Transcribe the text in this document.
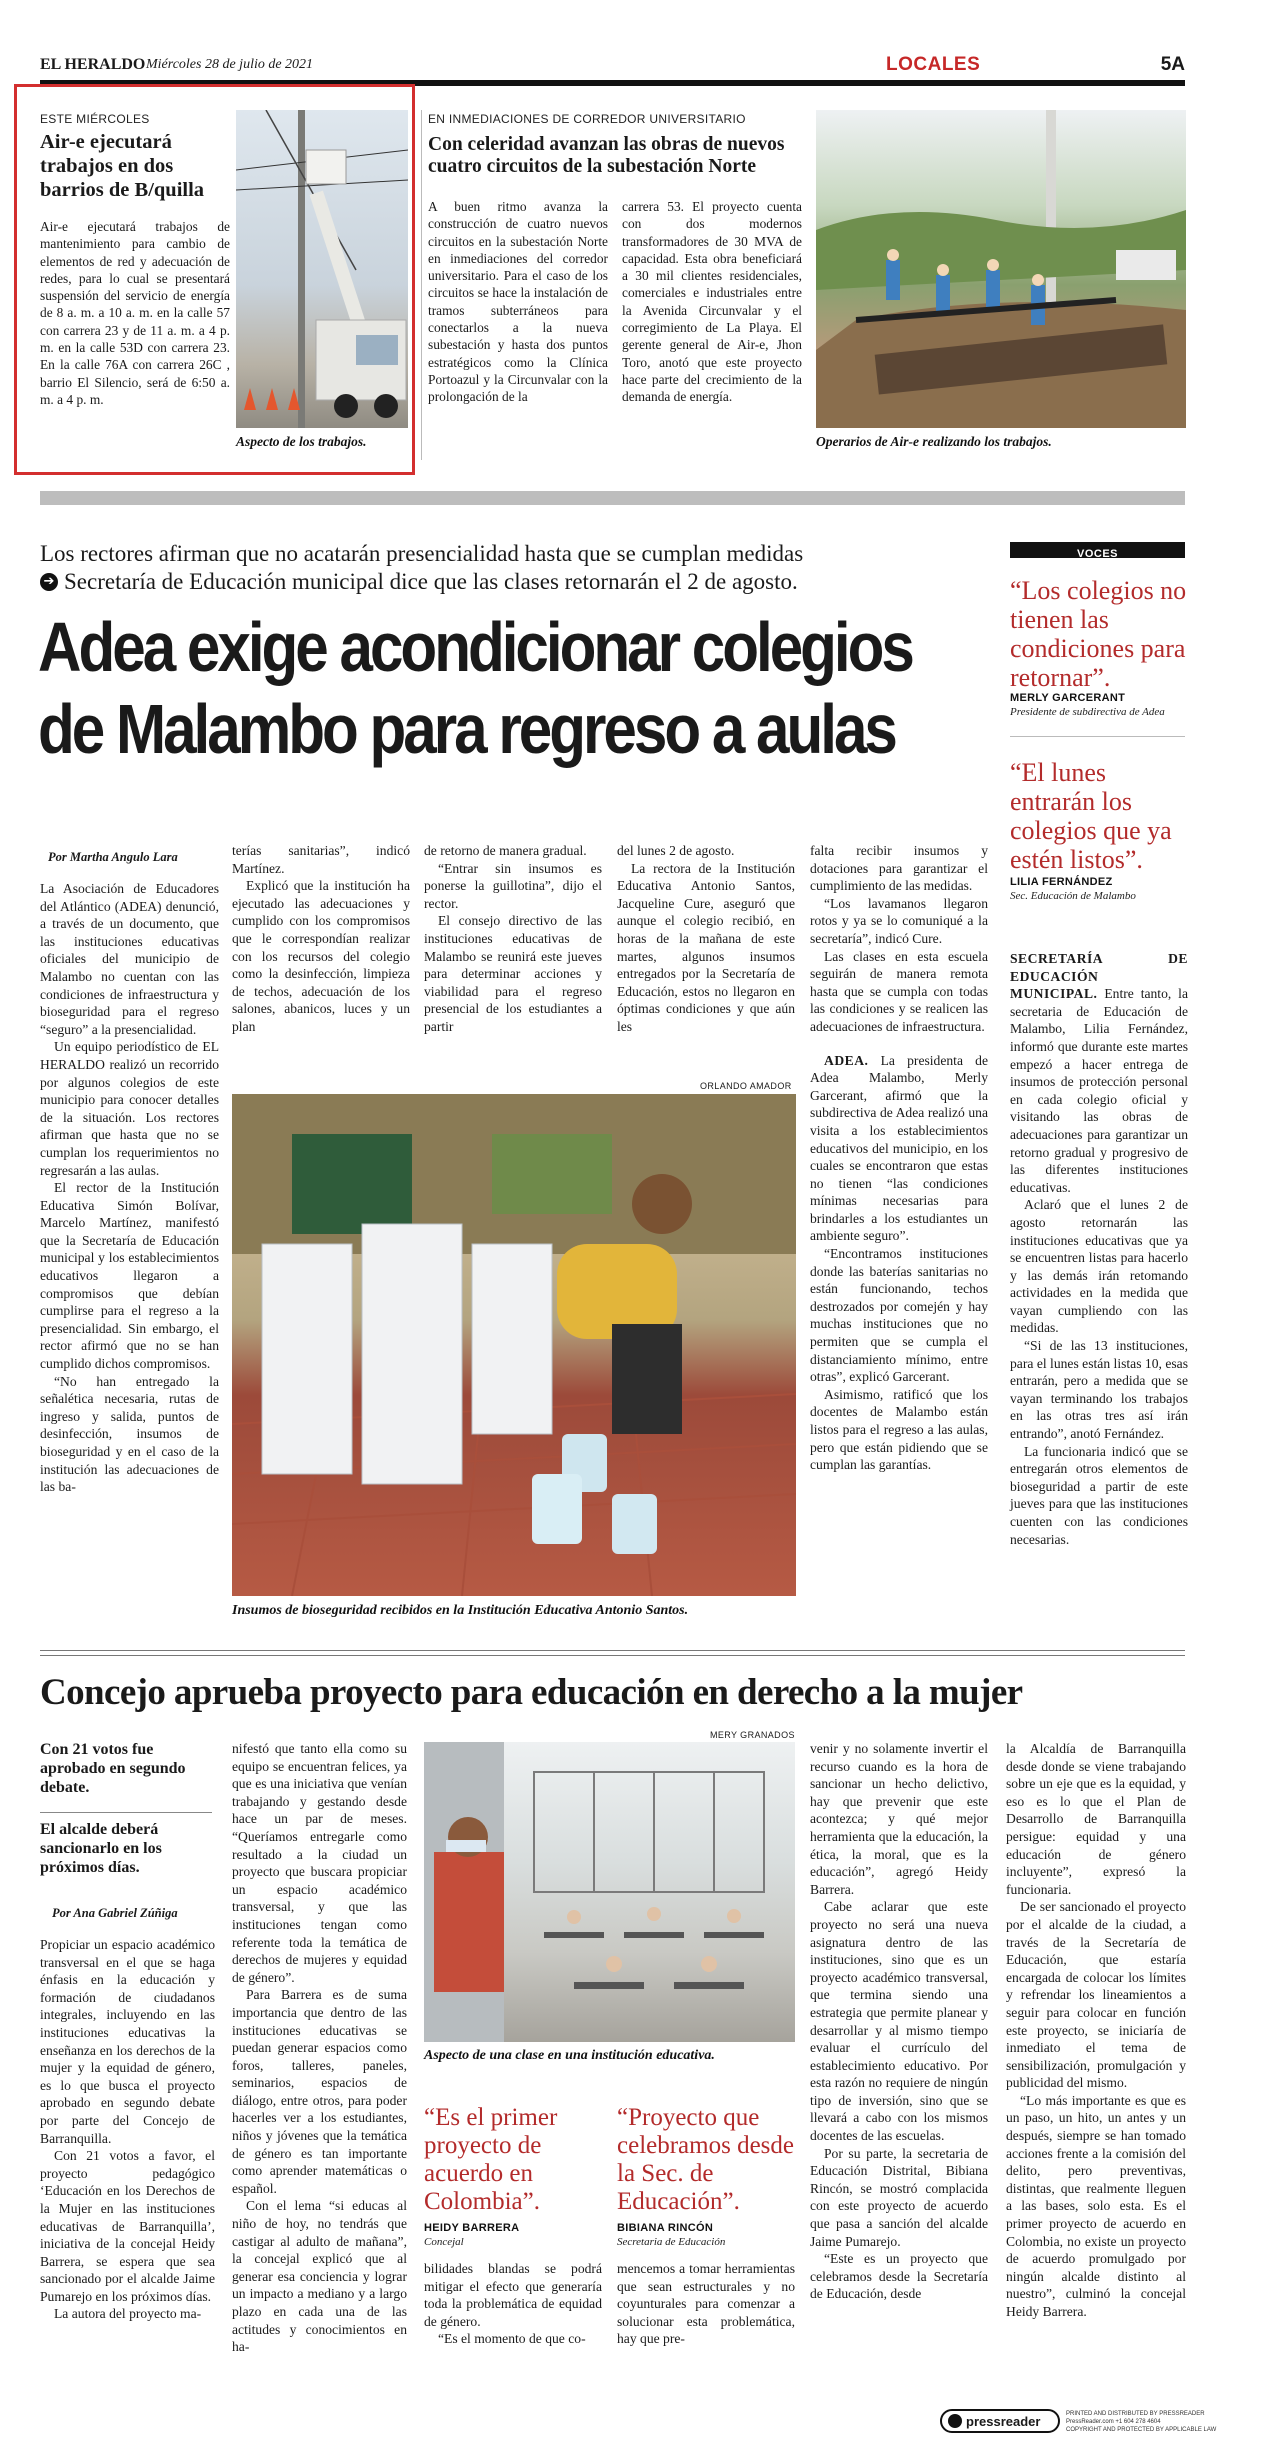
EL HERALDO Miércoles 28 de julio de 2021	LOCALES	5A
ESTE MIÉRCOLES
Air-e ejecutará trabajos en dos barrios de B/quilla

Air-e ejecutará trabajos de mantenimiento para cambio de elementos de red y adecuación de redes, para lo cual se presentará suspensión del servicio de energía de 8 a. m. a 10 a. m. en la calle 57 con carrera 23 y de 11 a. m. a 4 p. m. en la calle 53D con carrera 23. En la calle 76A con carrera 26C , barrio El Silencio, será de 6:50 a. m. a 4 p. m.

Aspecto de los trabajos.
EN INMEDIACIONES DE CORREDOR UNIVERSITARIO
Con celeridad avanzan las obras de nuevos cuatro circuitos de la subestación Norte

A buen ritmo avanza la construcción de cuatro nuevos circuitos en la subestación Norte en inmediaciones del corredor universitario. Para el caso de los circuitos se hace la instalación de tramos subterráneos para conectarlos a la nueva subestación y hasta dos puntos estratégicos como la Clínica Portoazul y la Circunvalar con la prolongación de la

carrera 53. El proyecto cuenta con dos modernos transformadores de 30 MVA de capacidad. Esta obra beneficiará a 30 mil clientes residenciales, comerciales e industriales entre la Avenida Circunvalar y el corregimiento de La Playa. El gerente general de Air-e, Jhon Toro, anotó que este proyecto hace parte del crecimiento de la demanda de energía.

Operarios de Air-e realizando los trabajos.
Los rectores afirman que no acatarán presencialidad hasta que se cumplan medidas
➔ Secretaría de Educación municipal dice que las clases retornarán el 2 de agosto.
Adea exige acondicionar colegios
de Malambo para regreso a aulas
Por Martha Angulo Lara

La Asociación de Educadores del Atlántico (ADEA) denunció, a través de un documento, que las instituciones educativas oficiales del municipio de Malambo no cuentan con las condiciones de infraestructura y bioseguridad para el regreso “seguro” a la presencialidad.

Un equipo periodístico de EL HERALDO realizó un recorrido por algunos colegios de este municipio para conocer detalles de la situación. Los rectores afirman que hasta que no se cumplan los requerimientos no regresarán a las aulas.

El rector de la Institución Educativa Simón Bolívar, Marcelo Martínez, manifestó que la Secretaría de Educación municipal y los establecimientos educativos llegaron a compromisos que debían cumplirse para el regreso a la presencialidad. Sin embargo, el rector afirmó que no se han cumplido dichos compromisos.

“No han entregado la señalética necesaria, rutas de ingreso y salida, puntos de desinfección, insumos de bioseguridad y en el caso de la institución las adecuaciones de las ba-

terías sanitarias”, indicó Martínez.

Explicó que la institución ha ejecutado las adecuaciones y cumplido con los compromisos que le correspondían realizar con los recursos del colegio como la desinfección, limpieza de techos, adecuación de los salones, abanicos, luces y un plan

de retorno de manera gradual.

“Entrar sin insumos es ponerse la guillotina”, dijo el rector.

El consejo directivo de las instituciones educativas de Malambo se reunirá este jueves para determinar acciones y viabilidad para el regreso presencial de los estudiantes a partir

del lunes 2 de agosto.

La rectora de la Institución Educativa Antonio Santos, Jacqueline Cure, aseguró que aunque el colegio recibió, en horas de la mañana de este martes, algunos insumos entregados por la Secretaría de Educación, estos no llegaron en óptimas condiciones y que aún les

ORLANDO AMADOR
Insumos de bioseguridad recibidos en la Institución Educativa Antonio Santos.

falta recibir insumos y dotaciones para garantizar el cumplimiento de las medidas.

“Los lavamanos llegaron rotos y ya se lo comuniqué a la secretaría”, indicó Cure.

Las clases en esta escuela seguirán de manera remota hasta que se cumpla con todas las condiciones y se realicen las adecuaciones de infraestructura.

ADEA. La presidenta de Adea Malambo, Merly Garcerant, afirmó que la subdirectiva de Adea realizó una visita a los establecimientos educativos del municipio, en los cuales se encontraron que estas no tienen “las condiciones mínimas necesarias para brindarles a los estudiantes un ambiente seguro”.

“Encontramos instituciones donde las baterías sanitarias no están funcionando, techos destrozados por comején y hay muchas instituciones que no permiten que se cumpla el distanciamiento mínimo, entre otras”, explicó Garcerant.

Asimismo, ratificó que los docentes de Malambo están listos para el regreso a las aulas, pero que están pidiendo que se cumplan las garantías.

VOCES
“Los colegios no tienen las condiciones para retornar”.
MERLY GARCERANT
Presidente de subdirectiva de Adea
“El lunes entrarán los colegios que ya estén listos”.
LILIA FERNÁNDEZ
Sec. Educación de Malambo

SECRETARÍA DE EDUCACIÓN MUNICIPAL. Entre tanto, la secretaria de Educación de Malambo, Lilia Fernández, informó que durante este martes empezó a hacer entrega de insumos de protección personal en cada colegio oficial y visitando las obras de adecuaciones para garantizar un retorno gradual y progresivo de las diferentes instituciones educativas.

Aclaró que el lunes 2 de agosto retornarán las instituciones educativas que ya se encuentren listas para hacerlo y las demás irán retomando actividades en la medida que vayan cumpliendo con las medidas.

“Si de las 13 instituciones, para el lunes están listas 10, esas entrarán, pero a medida que se vayan terminando los trabajos en las otras tres así irán entrando”, anotó Fernández.

La funcionaria indicó que se entregarán otros elementos de bioseguridad a partir de este jueves para que las instituciones cuenten con las condiciones necesarias.

Concejo aprueba proyecto para educación en derecho a la mujer
Con 21 votos fue aprobado en segundo debate.
El alcalde deberá sancionarlo en los próximos días.
Por Ana Gabriel Zúñiga

Propiciar un espacio académico transversal en el que se haga énfasis en la educación y formación de ciudadanos integrales, incluyendo en las instituciones educativas la enseñanza en los derechos de la mujer y la equidad de género, es lo que busca el proyecto aprobado en segundo debate por parte del Concejo de Barranquilla.

Con 21 votos a favor, el proyecto pedagógico ‘Educación en los Derechos de la Mujer en las instituciones educativas de Barranquilla’, iniciativa de la concejal Heidy Barrera, se espera que sea sancionado por el alcalde Jaime Pumarejo en los próximos días.

La autora del proyecto ma-

nifestó que tanto ella como su equipo se encuentran felices, ya que es una iniciativa que venían trabajando y gestando desde hace un par de meses. “Queríamos entregarle como resultado a la ciudad un proyecto que buscara propiciar un espacio académico transversal, y que las instituciones tengan como referente toda la temática de derechos de mujeres y equidad de género”.

Para Barrera es de suma importancia que dentro de las instituciones educativas se puedan generar espacios como foros, talleres, paneles, seminarios, espacios de diálogo, entre otros, para poder hacerles ver a los estudiantes, niños y jóvenes que la temática de género es tan importante como aprender matemáticas o español.

Con el lema “si educas al niño de hoy, no tendrás que castigar al adulto de mañana”, la concejal explicó que al generar esa conciencia y lograr un impacto a mediano y a largo plazo en cada una de las actitudes y conocimientos en ha-

MERY GRANADOS
Aspecto de una clase en una institución educativa.
“Es el primer proyecto de acuerdo en Colombia”.
HEIDY BARRERA
Concejal
“Proyecto que celebramos desde la Sec. de Educación”.
BIBIANA RINCÓN
Secretaria de Educación

bilidades blandas se podrá mitigar el efecto que generaría toda la problemática de equidad de género.

“Es el momento de que co-

mencemos a tomar herramientas que sean estructurales y no coyunturales para comenzar a solucionar esta problemática, hay que pre-

venir y no solamente invertir el recurso cuando es la hora de sancionar un hecho delictivo, hay que prevenir que este acontezca; y qué mejor herramienta que la educación, la ética, la moral, que es la educación”, agregó Heidy Barrera.

Cabe aclarar que este proyecto no será una nueva asignatura dentro de las instituciones, sino que es un proyecto académico transversal, que termina siendo una estrategia que permite planear y desarrollar y al mismo tiempo evaluar el currículo del establecimiento educativo. Por esta razón no requiere de ningún tipo de inversión, sino que se llevará a cabo con los mismos docentes de las escuelas.

Por su parte, la secretaria de Educación Distrital, Bibiana Rincón, se mostró complacida con este proyecto de acuerdo que pasa a sanción del alcalde Jaime Pumarejo.

“Este es un proyecto que celebramos desde la Secretaría de Educación, desde

la Alcaldía de Barranquilla desde donde se viene trabajando sobre un eje que es la equidad, y eso es lo que el Plan de Desarrollo de Barranquilla persigue: equidad y una educación de género incluyente”, expresó la funcionaria.

De ser sancionado el proyecto por el alcalde de la ciudad, a través de la Secretaría de Educación, que estaría encargada de colocar los límites y refrendar los lineamientos a seguir para colocar en función este proyecto, se iniciaría de inmediato el tema de sensibilización, promulgación y publicidad del mismo.

“Lo más importante es que es un paso, un hito, un antes y un después, siempre se han tomado acciones frente a la comisión del delito, pero preventivas, distintas, que realmente lleguen a las bases, solo esta. Es el primer proyecto de acuerdo en Colombia, no existe un proyecto de acuerdo promulgado por ningún alcalde distinto al nuestro”, culminó la concejal Heidy Barrera.

pressreader	PRINTED AND DISTRIBUTED BY PRESSREADER
PressReader.com +1 604 278 4604
COPYRIGHT AND PROTECTED BY APPLICABLE LAW
